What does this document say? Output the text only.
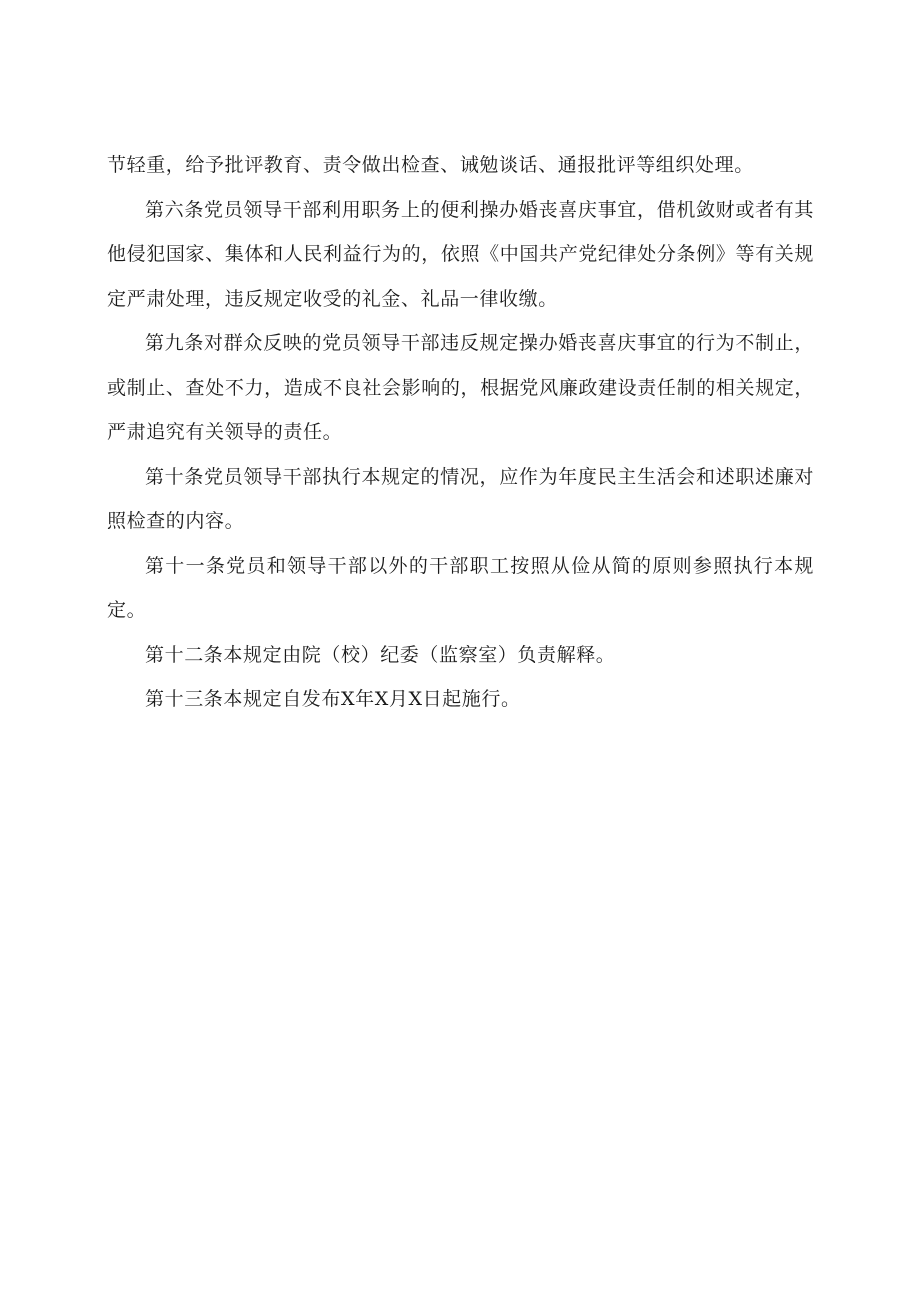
节轻重，给予批评教育、责令做出检查、诫勉谈话、通报批评等组织处理。

第六条党员领导干部利用职务上的便利操办婚丧喜庆事宜，借机敛财或者有其他侵犯国家、集体和人民利益行为的，依照《中国共产党纪律处分条例》等有关规定严肃处理，违反规定收受的礼金、礼品一律收缴。

第九条对群众反映的党员领导干部违反规定操办婚丧喜庆事宜的行为不制止，或制止、查处不力，造成不良社会影响的，根据党风廉政建设责任制的相关规定，严肃追究有关领导的责任。

第十条党员领导干部执行本规定的情况，应作为年度民主生活会和述职述廉对照检查的内容。

第十一条党员和领导干部以外的干部职工按照从俭从简的原则参照执行本规定。

第十二条本规定由院（校）纪委（监察室）负责解释。

第十三条本规定自发布X年X月X日起施行。
